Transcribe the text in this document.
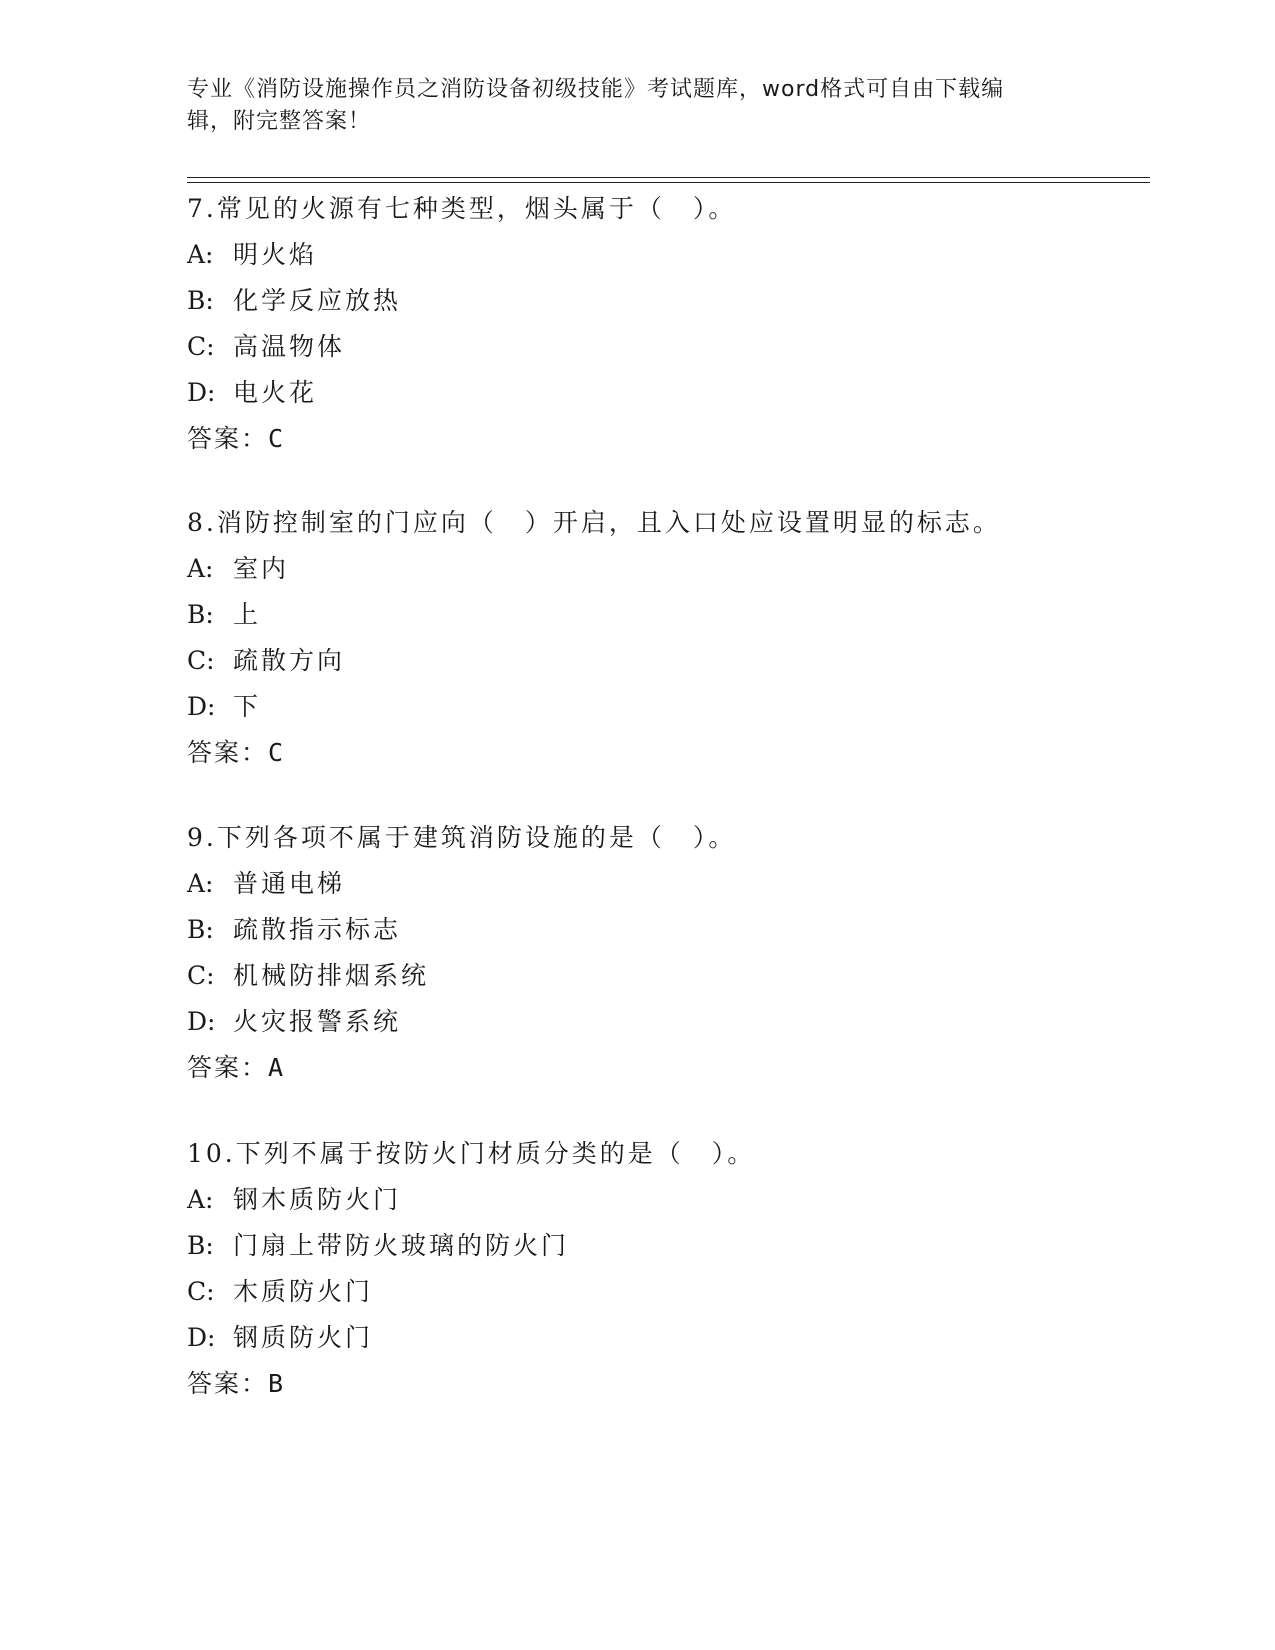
专业《消防设施操作员之消防设备初级技能》考试题库，word格式可自由下载编
辑，附完整答案！

7.常见的火源有七种类型，烟头属于（　）。

A: 明火焰
B: 化学反应放热
C: 高温物体
D: 电火花
答案：C

8.消防控制室的门应向（　）开启，且入口处应设置明显的标志。

A: 室内
B: 上
C: 疏散方向
D: 下
答案：C

9.下列各项不属于建筑消防设施的是（　）。

A: 普通电梯
B: 疏散指示标志
C: 机械防排烟系统
D: 火灾报警系统
答案：A

10.下列不属于按防火门材质分类的是（　）。

A: 钢木质防火门
B: 门扇上带防火玻璃的防火门
C: 木质防火门
D: 钢质防火门
答案：B
